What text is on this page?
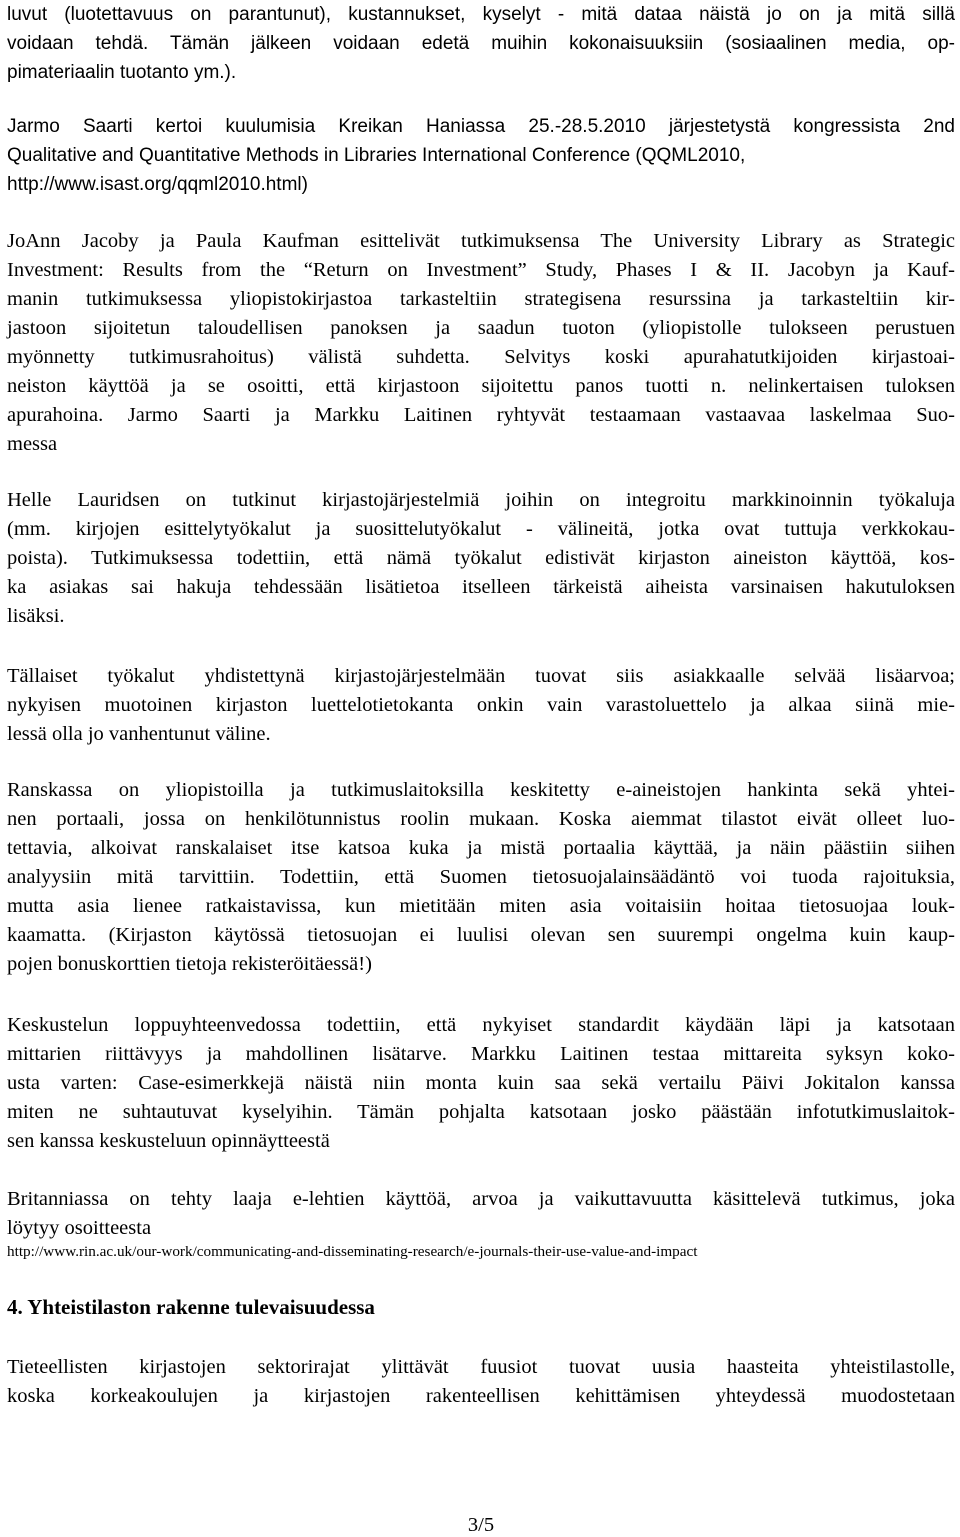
luvut (luotettavuus on parantunut), kustannukset, kyselyt - mitä dataa näistä jo on ja mitä sillä
voidaan tehdä. Tämän jälkeen voidaan edetä muihin kokonaisuuksiin (sosiaalinen media, op-
pimateriaalin tuotanto ym.).
Jarmo Saarti kertoi kuulumisia Kreikan Haniassa 25.-28.5.2010 järjestetystä kongressista 2nd
Qualitative and Quantitative Methods in Libraries International Conference (QQML2010,
http://www.isast.org/qqml2010.html)
JoAnn Jacoby ja Paula Kaufman esittelivät tutkimuksensa The University Library as Strategic
Investment: Results from the “Return on Investment” Study, Phases I & II. Jacobyn ja Kauf-
manin tutkimuksessa yliopistokirjastoa tarkasteltiin strategisena resurssina ja tarkasteltiin kir-
jastoon sijoitetun taloudellisen panoksen ja saadun tuoton (yliopistolle tulokseen perustuen
myönnetty tutkimusrahoitus) välistä suhdetta. Selvitys koski apurahatutkijoiden kirjastoai-
neiston käyttöä ja se osoitti, että kirjastoon sijoitettu panos tuotti n. nelinkertaisen tuloksen
apurahoina. Jarmo Saarti ja Markku Laitinen ryhtyvät testaamaan vastaavaa laskelmaa Suo-
messa
Helle Lauridsen on tutkinut kirjastojärjestelmiä joihin on integroitu markkinoinnin työkaluja
(mm. kirjojen esittelytyökalut ja suosittelutyökalut - välineitä, jotka ovat tuttuja verkkokau-
poista). Tutkimuksessa todettiin, että nämä työkalut edistivät kirjaston aineiston käyttöä, kos-
ka asiakas sai hakuja tehdessään lisätietoa itselleen tärkeistä aiheista varsinaisen hakutuloksen
lisäksi.
Tällaiset työkalut yhdistettynä kirjastojärjestelmään tuovat siis asiakkaalle selvää lisäarvoa;
nykyisen muotoinen kirjaston luettelotietokanta onkin vain varastoluettelo ja alkaa siinä mie-
lessä olla jo vanhentunut väline.
Ranskassa on yliopistoilla ja tutkimuslaitoksilla keskitetty e-aineistojen hankinta sekä yhtei-
nen portaali, jossa on henkilötunnistus roolin mukaan. Koska aiemmat tilastot eivät olleet luo-
tettavia, alkoivat ranskalaiset itse katsoa kuka ja mistä portaalia käyttää, ja näin päästiin siihen
analyysiin mitä tarvittiin. Todettiin, että Suomen tietosuojalainsäädäntö voi tuoda rajoituksia,
mutta asia lienee ratkaistavissa, kun mietitään miten asia voitaisiin hoitaa tietosuojaa louk-
kaamatta. (Kirjaston käytössä tietosuojan ei luulisi olevan sen suurempi ongelma kuin kaup-
pojen bonuskorttien tietoja rekisteröitäessä!)
Keskustelun loppuyhteenvedossa todettiin, että nykyiset standardit käydään läpi ja katsotaan
mittarien riittävyys ja mahdollinen lisätarve. Markku Laitinen testaa mittareita syksyn koko-
usta varten: Case-esimerkkejä näistä niin monta kuin saa sekä vertailu Päivi Jokitalon kanssa
miten ne suhtautuvat kyselyihin. Tämän pohjalta katsotaan josko päästään infotutkimuslaitok-
sen kanssa keskusteluun opinnäytteestä
Britanniassa on tehty laaja e-lehtien käyttöä, arvoa ja vaikuttavuutta käsittelevä tutkimus, joka
löytyy osoitteesta
http://www.rin.ac.uk/our-work/communicating-and-disseminating-research/e-journals-their-use-value-and-impact
4. Yhteistilaston rakenne tulevaisuudessa
Tieteellisten kirjastojen sektorirajat ylittävät fuusiot tuovat uusia haasteita yhteistilastolle,
koska korkeakoulujen ja kirjastojen rakenteellisen kehittämisen yhteydessä muodostetaan
3/5
